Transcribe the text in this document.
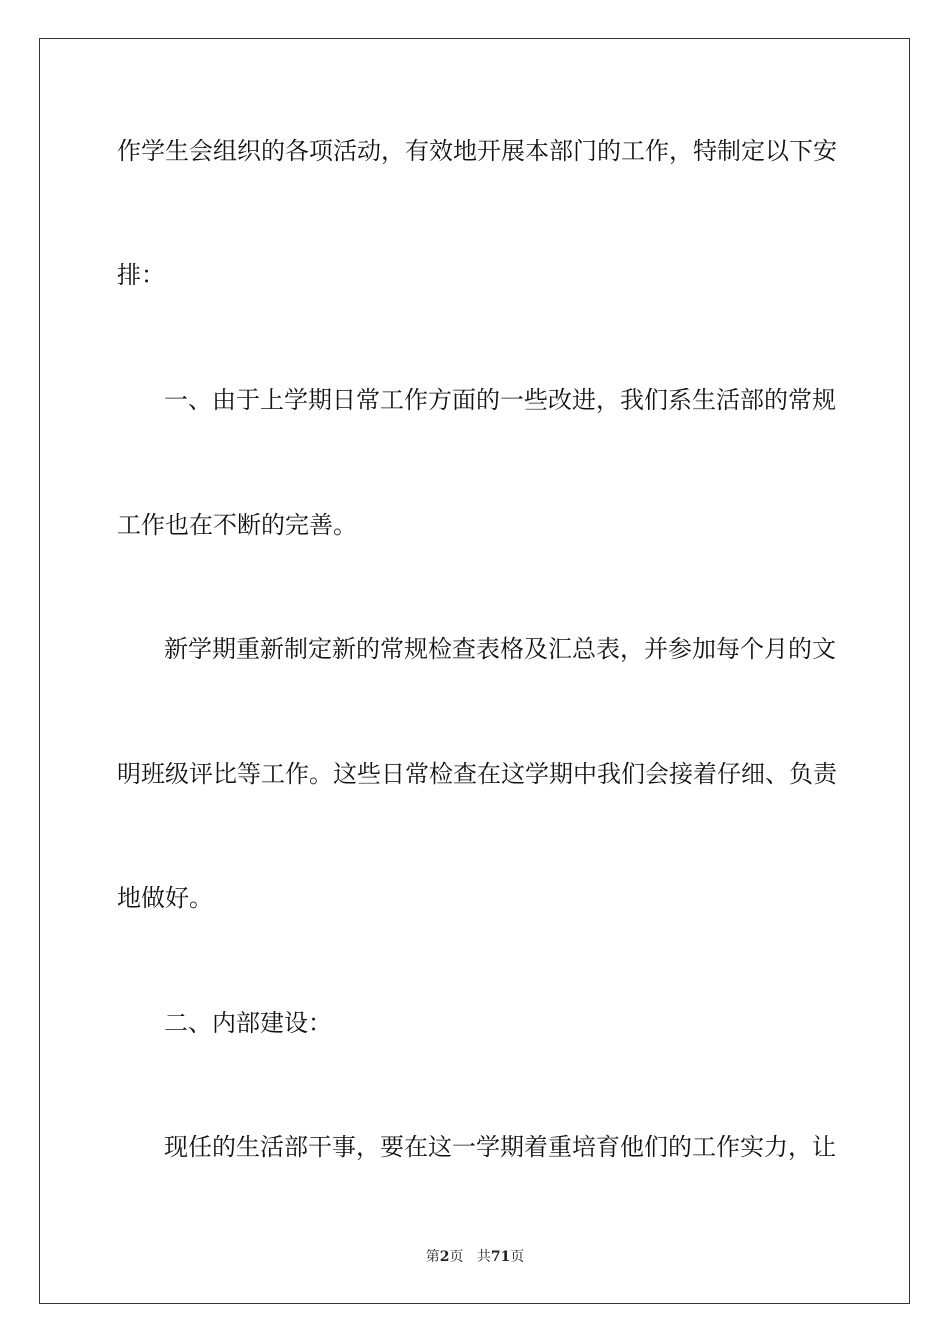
作学生会组织的各项活动，有效地开展本部门的工作，特制定以下安
排：
一、由于上学期日常工作方面的一些改进，我们系生活部的常规
工作也在不断的完善。
新学期重新制定新的常规检查表格及汇总表，并参加每个月的文
明班级评比等工作。这些日常检查在这学期中我们会接着仔细、负责
地做好。
二、内部建设：
现任的生活部干事，要在这一学期着重培育他们的工作实力，让
第2页 共71页
